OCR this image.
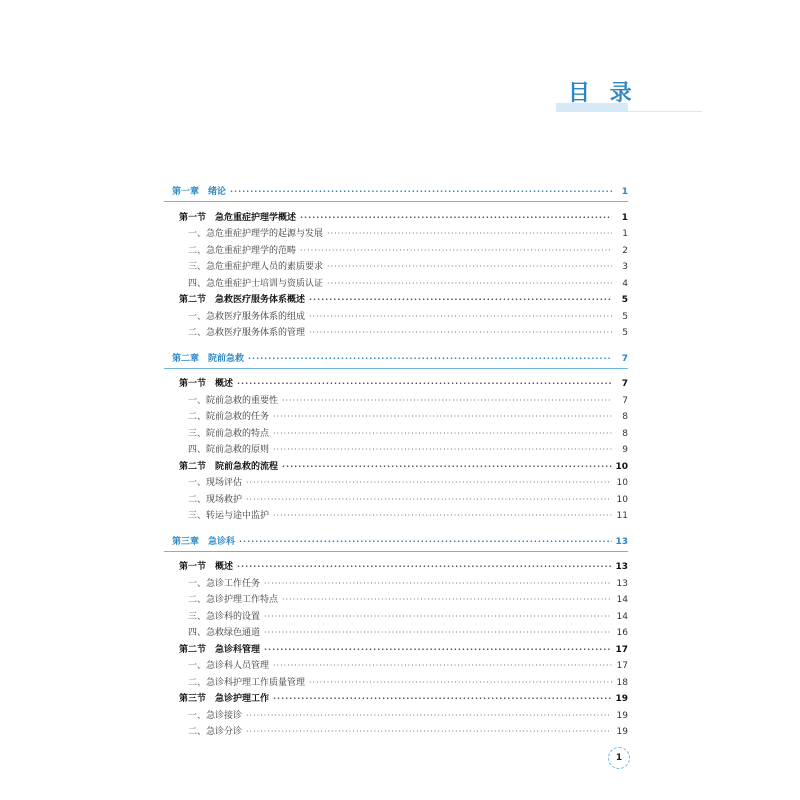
目 录
第一章　绪论 ·····	1
第一节　急危重症护理学概述 ·····	1
一、急危重症护理学的起源与发展 ·····	1
二、急危重症护理学的范畴 ·····	2
三、急危重症护理人员的素质要求 ·····	3
四、急危重症护士培训与资质认证 ·····	4
第二节　急救医疗服务体系概述 ·····	5
一、急救医疗服务体系的组成 ·····	5
二、急救医疗服务体系的管理 ·····	5
第二章　院前急救 ·····	7
第一节　概述 ·····	7
一、院前急救的重要性 ·····	7
二、院前急救的任务 ·····	8
三、院前急救的特点 ·····	8
四、院前急救的原则 ·····	9
第二节　院前急救的流程 ·····	10
一、现场评估 ·····	10
二、现场救护 ·····	10
三、转运与途中监护 ·····	11
第三章　急诊科 ·····	13
第一节　概述 ·····	13
一、急诊工作任务 ·····	13
二、急诊护理工作特点 ·····	14
三、急诊科的设置 ·····	14
四、急救绿色通道 ·····	16
第二节　急诊科管理 ·····	17
一、急诊科人员管理 ·····	17
二、急诊科护理工作质量管理 ·····	18
第三节　急诊护理工作 ·····	19
一、急诊接诊 ·····	19
二、急诊分诊 ·····	19
1
